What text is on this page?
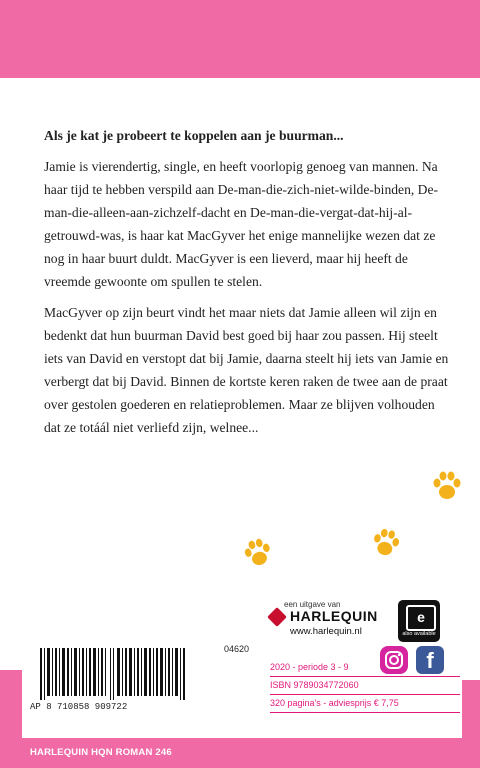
Als je kat je probeert te koppelen aan je buurman...

Jamie is vierendertig, single, en heeft voorlopig genoeg van mannen. Na haar tijd te hebben verspild aan De-man-die-zich-niet-wilde-binden, De-man-die-alleen-aan-zichzelf-dacht en De-man-die-vergat-dat-hij-al-getrouwd-was, is haar kat MacGyver het enige mannelijke wezen dat ze nog in haar buurt duldt. MacGyver is een lieverd, maar hij heeft de vreemde gewoonte om spullen te stelen.

MacGyver op zijn beurt vindt het maar niets dat Jamie alleen wil zijn en bedenkt dat hun buurman David best goed bij haar zou passen. Hij steelt iets van David en verstopt dat bij Jamie, daarna steelt hij iets van Jamie en verbergt dat bij David. Binnen de kortste keren raken de twee aan de praat over gestolen goederen en relatieproblemen. Maar ze blijven volhouden dat ze totáál niet verliefd zijn, welnee...

04620
AP 8 710858 909722
een uitgave van
HARLEQUIN
www.harlequin.nl
e
also available
f
2020 - periode 3 - 9
ISBN 9789034772060
320 pagina's - adviesprijs € 7,75
HARLEQUIN HQN ROMAN 246
